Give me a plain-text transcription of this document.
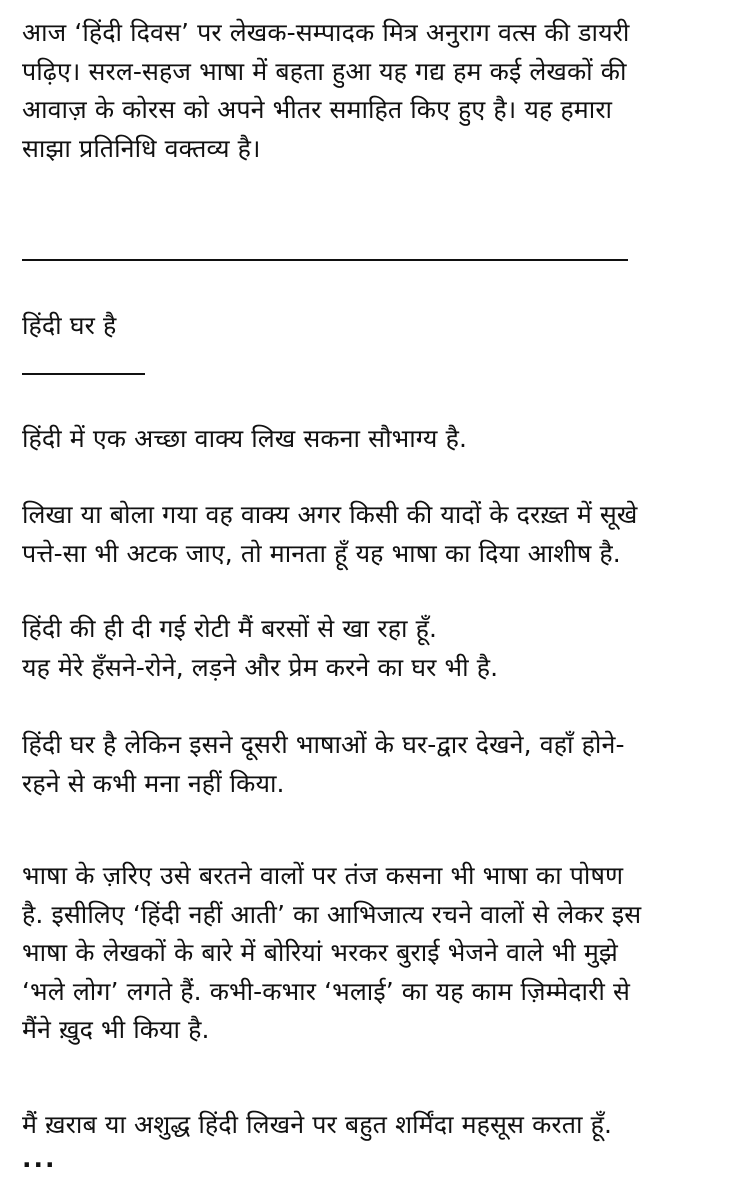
आज ‘हिंदी दिवस’ पर लेखक-सम्पादक मित्र अनुराग वत्स की डायरी
पढ़िए। सरल-सहज भाषा में बहता हुआ यह गद्य हम कई लेखकों की
आवाज़ के कोरस को अपने भीतर समाहित किए हुए है। यह हमारा
साझा प्रतिनिधि वक्तव्य है।
हिंदी घर है
हिंदी में एक अच्छा वाक्य लिख सकना सौभाग्य है.
लिखा या बोला गया वह वाक्य अगर किसी की यादों के दरख़्त में सूखे
पत्ते-सा भी अटक जाए, तो मानता हूँ यह भाषा का दिया आशीष है.
हिंदी की ही दी गई रोटी मैं बरसों से खा रहा हूँ.
यह मेरे हँसने-रोने, लड़ने और प्रेम करने का घर भी है.
हिंदी घर है लेकिन इसने दूसरी भाषाओं के घर-द्वार देखने, वहाँ होने-
रहने से कभी मना नहीं किया.
भाषा के ज़रिए उसे बरतने वालों पर तंज कसना भी भाषा का पोषण
है. इसीलिए ‘हिंदी नहीं आती’ का आभिजात्य रचने वालों से लेकर इस
भाषा के लेखकों के बारे में बोरियां भरकर बुराई भेजने वाले भी मुझे
‘भले लोग’ लगते हैं. कभी-कभार ‘भलाई’ का यह काम ज़िम्मेदारी से
मैंने ख़ुद भी किया है.
मैं ख़राब या अशुद्ध हिंदी लिखने पर बहुत शर्मिंदा महसूस करता हूँ.
...
